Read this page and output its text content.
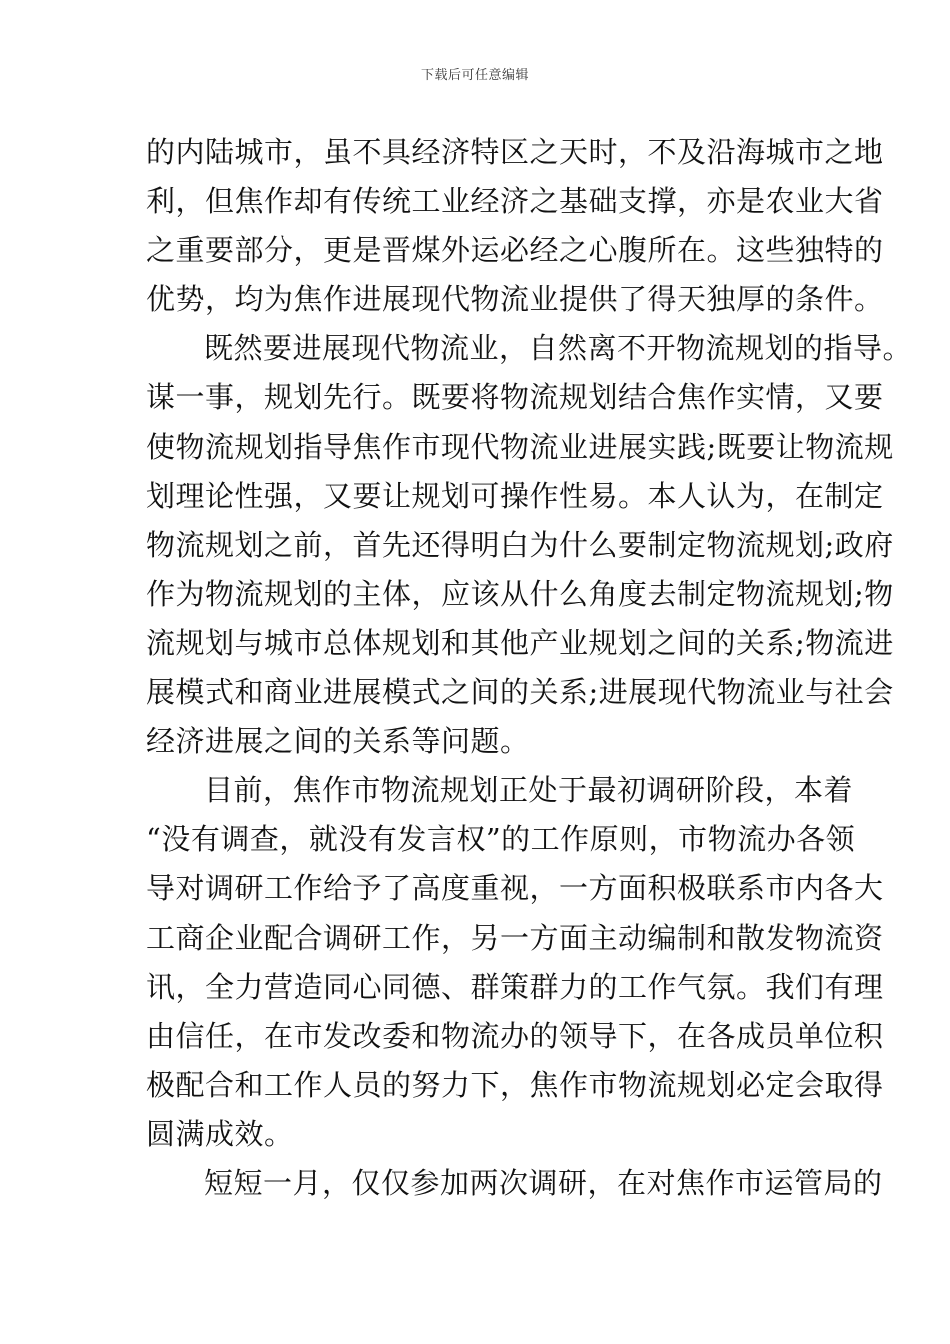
下载后可任意编辑
的内陆城市，虽不具经济特区之天时，不及沿海城市之地
利，但焦作却有传统工业经济之基础支撑，亦是农业大省
之重要部分，更是晋煤外运必经之心腹所在。这些独特的
优势，均为焦作进展现代物流业提供了得天独厚的条件。
既然要进展现代物流业，自然离不开物流规划的指导。
谋一事，规划先行。既要将物流规划结合焦作实情，又要
使物流规划指导焦作市现代物流业进展实践;既要让物流规
划理论性强，又要让规划可操作性易。本人认为，在制定
物流规划之前，首先还得明白为什么要制定物流规划;政府
作为物流规划的主体，应该从什么角度去制定物流规划;物
流规划与城市总体规划和其他产业规划之间的关系;物流进
展模式和商业进展模式之间的关系;进展现代物流业与社会
经济进展之间的关系等问题。
目前，焦作市物流规划正处于最初调研阶段，本着
“没有调查，就没有发言权”的工作原则，市物流办各领
导对调研工作给予了高度重视，一方面积极联系市内各大
工商企业配合调研工作，另一方面主动编制和散发物流资
讯，全力营造同心同德、群策群力的工作气氛。我们有理
由信任，在市发改委和物流办的领导下，在各成员单位积
极配合和工作人员的努力下，焦作市物流规划必定会取得
圆满成效。
短短一月，仅仅参加两次调研，在对焦作市运管局的
